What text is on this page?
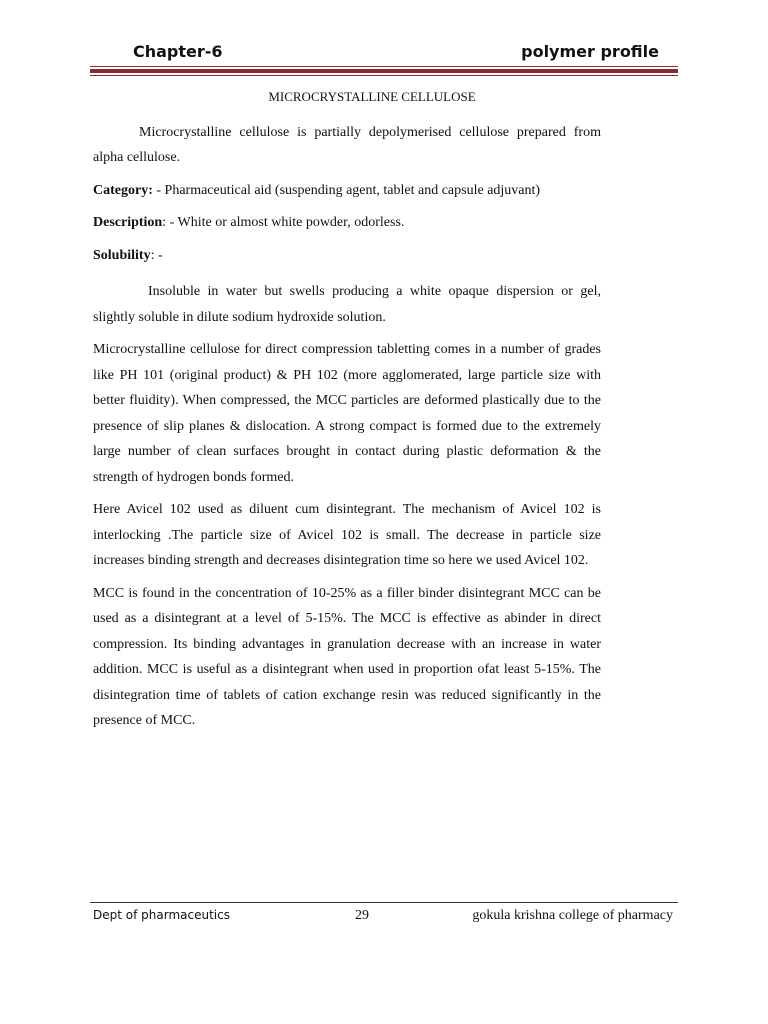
Chapter-6	polymer profile
MICROCRYSTALLINE CELLULOSE

Microcrystalline cellulose is partially depolymerised cellulose prepared from alpha cellulose.

Category: - Pharmaceutical aid (suspending agent, tablet and capsule adjuvant)

Description: - White or almost white powder, odorless.

Solubility: -

Insoluble in water but swells producing a white opaque dispersion or gel, slightly soluble in dilute sodium hydroxide solution.

Microcrystalline cellulose for direct compression tabletting comes in a number of grades like PH 101 (original product) & PH 102 (more agglomerated, large particle size with better fluidity). When compressed, the MCC particles are deformed plastically due to the presence of slip planes & dislocation. A strong compact is formed due to the extremely large number of clean surfaces brought in contact during plastic deformation & the strength of hydrogen bonds formed.

Here Avicel 102 used as diluent cum disintegrant. The mechanism of Avicel 102 is interlocking .The particle size of Avicel 102 is small. The decrease in particle size increases binding strength and decreases disintegration time so here we used Avicel 102.

MCC is found in the concentration of 10-25% as a filler binder disintegrant MCC can be used as a disintegrant at a level of 5-15%. The MCC is effective as abinder in direct compression. Its binding advantages in granulation decrease with an increase in water addition. MCC is useful as a disintegrant when used in proportion ofat least 5-15%. The disintegration time of tablets of cation exchange resin was reduced significantly in the presence of MCC.

Dept of pharmaceutics	29	gokula krishna college of pharmacy
